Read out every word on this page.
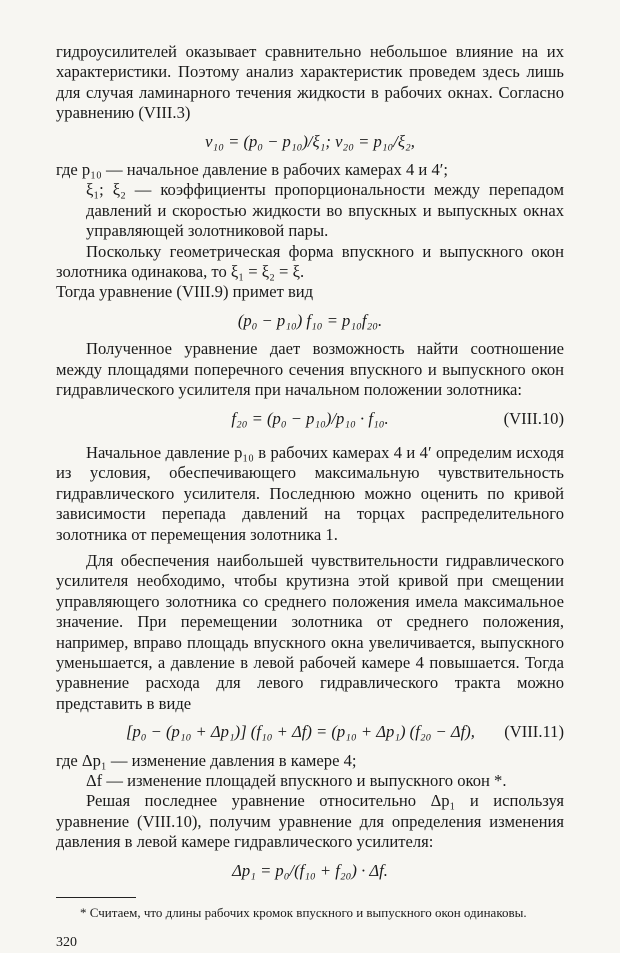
гидроусилителей оказывает сравнительно небольшое влияние на их характеристики. Поэтому анализ характеристик проведем здесь лишь для случая ламинарного течения жидкости в рабочих окнах. Согласно уравнению (VIII.3)

v₁₀ = (p₀ − p₁₀)/ξ₁; v₂₀ = p₁₀/ξ₂,

где p₁₀ — начальное давление в рабочих камерах 4 и 4′;

ξ₁; ξ₂ — коэффициенты пропорциональности между перепадом давлений и скоростью жидкости во впускных и выпускных окнах управляющей золотниковой пары.

Поскольку геометрическая форма впускного и выпускного окон золотника одинакова, то ξ₁ = ξ₂ = ξ.

Тогда уравнение (VIII.9) примет вид

(p₀ − p₁₀) f₁₀ = p₁₀f₂₀.

Полученное уравнение дает возможность найти соотношение между площадями поперечного сечения впускного и выпускного окон гидравлического усилителя при начальном положении золотника:

f₂₀ = (p₀ − p₁₀)/p₁₀ · f₁₀.	(VIII.10)

Начальное давление p₁₀ в рабочих камерах 4 и 4′ определим исходя из условия, обеспечивающего максимальную чувствительность гидравлического усилителя. Последнюю можно оценить по кривой зависимости перепада давлений на торцах распределительного золотника от перемещения золотника 1.

Для обеспечения наибольшей чувствительности гидравлического усилителя необходимо, чтобы крутизна этой кривой при смещении управляющего золотника со среднего положения имела максимальное значение. При перемещении золотника от среднего положения, например, вправо площадь впускного окна увеличивается, выпускного уменьшается, а давление в левой рабочей камере 4 повышается. Тогда уравнение расхода для левого гидравлического тракта можно представить в виде

[p₀ − (p₁₀ + Δp₁)] (f₁₀ + Δf) = (p₁₀ + Δp₁) (f₂₀ − Δf), (VIII.11)

где Δp₁ — изменение давления в камере 4;

Δf — изменение площадей впускного и выпускного окон *.

Решая последнее уравнение относительно Δp₁ и используя уравнение (VIII.10), получим уравнение для определения изменения давления в левой камере гидравлического усилителя:

Δp₁ = p₀/(f₁₀ + f₂₀) · Δf.

* Считаем, что длины рабочих кромок впускного и выпускного окон одинаковы.

320
